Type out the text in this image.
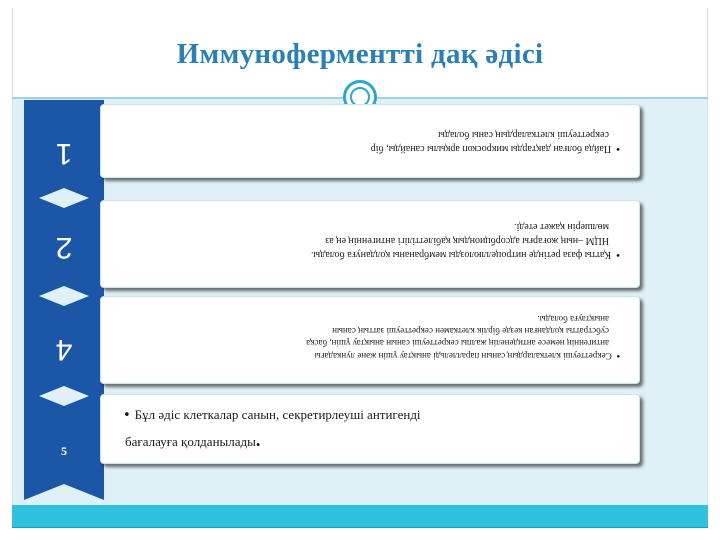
Иммуноферментті дақ әдісі
1	•Пайда болған дақтарды микроскоп арқылы санайды, бір
секреттеуші клеткалардың саны болады
2	•Қатты фаза ретінде нитроцеллюлозды мембрананы қолдануға болады.
НЦМ –ның жоғарғы адсорбциондық қабілеттілігі антигеннің ең аз
мөлшерін қажет етеді.
4	•Секреттеуші клеткалардың санын параллельді анықтау үшін және лункадағы
антигеннің немесе антиденелің жалпы секреттеуші санын анықтау үшін, басқа
субстратты қолданған кезде бірлік клеткамен секреттеуші заттың санын
анықтауға болады.
5
• Бұл әдіс клеткалар санын, секретирлеуші антигенді
бағалауға қолданылады.
